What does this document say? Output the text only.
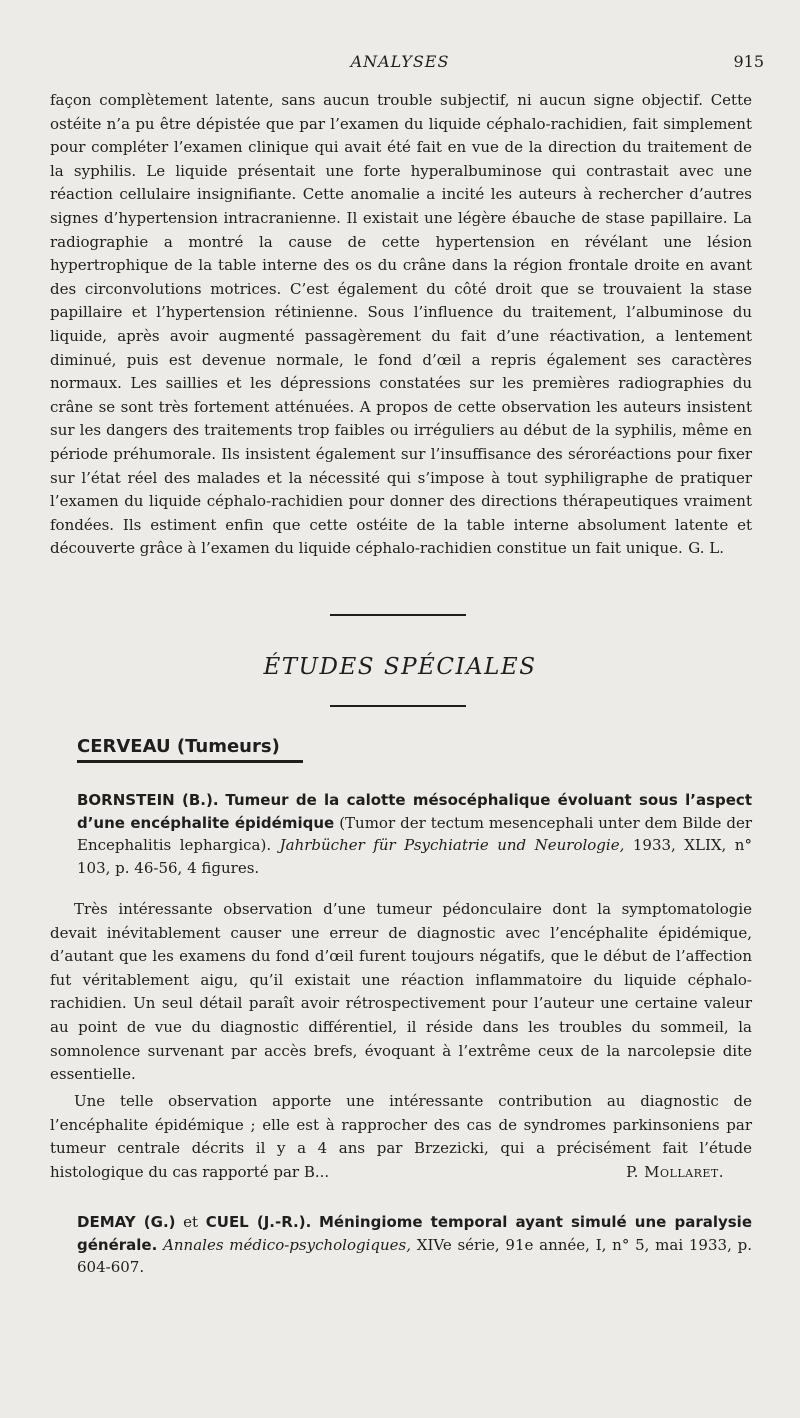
ANALYSES	915

façon complètement latente, sans aucun trouble subjectif, ni aucun signe objectif. Cette ostéite n’a pu être dépistée que par l’examen du liquide céphalo-rachidien, fait simplement pour compléter l’examen clinique qui avait été fait en vue de la direction du traitement de la syphilis. Le liquide présentait une forte hyperalbuminose qui contrastait avec une réaction cellulaire insignifiante. Cette anomalie a incité les auteurs à rechercher d’autres signes d’hypertension intracranienne. Il existait une légère ébauche de stase papillaire. La radiographie a montré la cause de cette hypertension en révélant une lésion hypertrophique de la table interne des os du crâne dans la région frontale droite en avant des circonvolutions motrices. C’est également du côté droit que se trouvaient la stase papillaire et l’hypertension rétinienne. Sous l’influence du traitement, l’albuminose du liquide, après avoir augmenté passagèrement du fait d’une réactivation, a lentement diminué, puis est devenue normale, le fond d’œil a repris également ses caractères normaux. Les saillies et les dépressions constatées sur les premières radiographies du crâne se sont très fortement atténuées. A propos de cette observation les auteurs insistent sur les dangers des traitements trop faibles ou irréguliers au début de la syphilis, même en période préhumorale. Ils insistent également sur l’insuffisance des séroréactions pour fixer sur l’état réel des malades et la nécessité qui s’impose à tout syphiligraphe de pratiquer l’examen du liquide céphalo-rachidien pour donner des directions thérapeutiques vraiment fondées. Ils estiment enfin que cette ostéite de la table interne absolument latente et découverte grâce à l’examen du liquide céphalo-rachidien constitue un fait unique. G. L.

ÉTUDES SPÉCIALES
CERVEAU (Tumeurs)

BORNSTEIN (B.). Tumeur de la calotte mésocéphalique évoluant sous l’aspect d’une encéphalite épidémique (Tumor der tectum mesencephali unter dem Bilde der Encephalitis lephargica). Jahrbücher für Psychiatrie und Neurologie, 1933, XLIX, n° 103, p. 46-56, 4 figures.

Très intéressante observation d’une tumeur pédonculaire dont la symptomatologie devait inévitablement causer une erreur de diagnostic avec l’encéphalite épidémique, d’autant que les examens du fond d’œil furent toujours négatifs, que le début de l’affection fut véritablement aigu, qu’il existait une réaction inflammatoire du liquide céphalo-rachidien. Un seul détail paraît avoir rétrospectivement pour l’auteur une certaine valeur au point de vue du diagnostic différentiel, il réside dans les troubles du sommeil, la somnolence survenant par accès brefs, évoquant à l’extrême ceux de la narcolepsie dite essentielle.

Une telle observation apporte une intéressante contribution au diagnostic de l’encéphalite épidémique ; elle est à rapprocher des cas de syndromes parkinsoniens par tumeur centrale décrits il y a 4 ans par Brzezicki, qui a précisément fait l’étude histologique du cas rapporté par B...	P. Mollaret.

DEMAY (G.) et CUEL (J.-R.). Méningiome temporal ayant simulé une paralysie générale. Annales médico-psychologiques, XIVe série, 91e année, I, n° 5, mai 1933, p. 604-607.
